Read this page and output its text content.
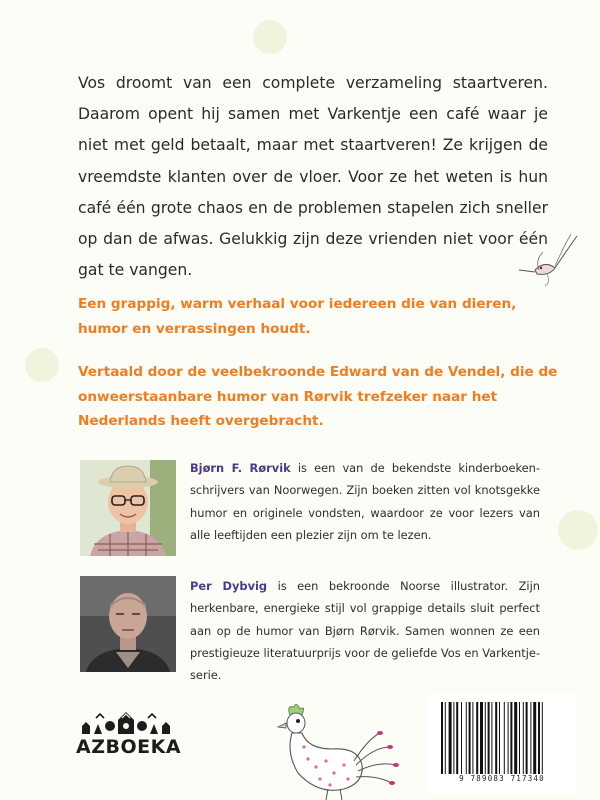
Vos droomt van een complete verzameling staartveren. Daarom opent hij samen met Varkentje een café waar je niet met geld betaalt, maar met staartveren! Ze krijgen de vreemdste klanten over de vloer. Voor ze het weten is hun café één grote chaos en de problemen stapelen zich sneller op dan de afwas. Gelukkig zijn deze vrienden niet voor één gat te vangen.

Een grappig, warm verhaal voor iedereen die van dieren, humor en verrassingen houdt.

Vertaald door de veelbekroonde Edward van de Vendel, die de onweerstaanbare humor van Rørvik trefzeker naar het Nederlands heeft overgebracht.

Bjørn F. Rørvik is een van de bekendste kinderboeken-schrijvers van Noorwegen. Zijn boeken zitten vol knotsgekke humor en originele vondsten, waardoor ze voor lezers van alle leeftijden een plezier zijn om te lezen.

Per Dybvig is een bekroonde Noorse illustrator. Zijn herkenbare, energieke stijl vol grappige details sluit perfect aan op de humor van Bjørn Rørvik. Samen wonnen ze een prestigieuze literatuurprijs voor de geliefde Vos en Varkentje-serie.

AZBOEKA
9 789083 717340
